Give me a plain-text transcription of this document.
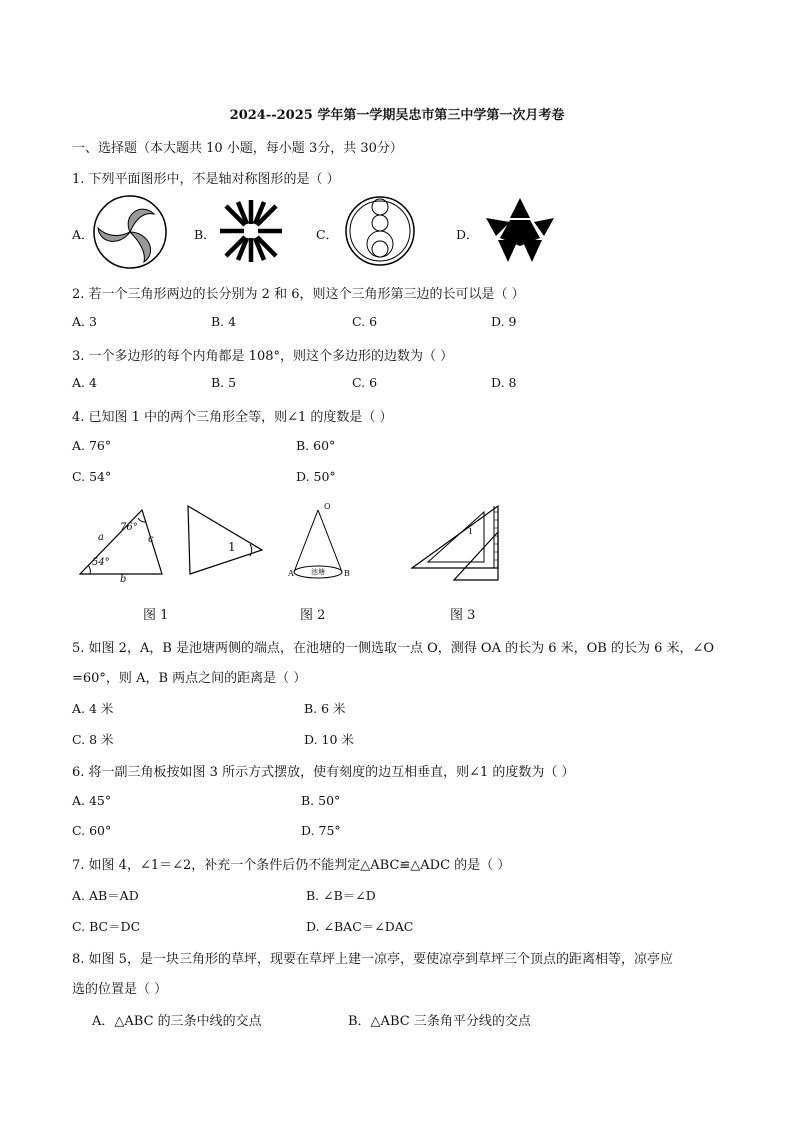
2024--2025 学年第一学期吴忠市第三中学第一次月考卷
一、选择题（本大题共 10 小题，每小题 3分，共 30分）
1. 下列平面图形中，不是轴对称图形的是（ ）
A．	B．	C．	D．
2. 若一个三角形两边的长分别为 2 和 6，则这个三角形第三边的长可以是（ ）
A. 3	B. 4	C. 6	D. 9
3. 一个多边形的每个内角都是 108°，则这个多边形的边数为（ ）
A. 4	B. 5	C. 6	D. 8
4. 已知图 1 中的两个三角形全等，则∠1 的度数是（ ）
A. 76°	B. 60°
C. 54°	D. 50°
76°
54°
a
b
c
1
O
A	B
池塘
1
图 1	图 2	图 3
5. 如图 2，A，B 是池塘两侧的端点，在池塘的一侧选取一点 O，测得 OA 的长为 6 米，OB 的长为 6 米，∠O
=60°，则 A，B 两点之间的距离是（ ）
A. 4 米	B. 6 米
C. 8 米	D. 10 米
6. 将一副三角板按如图 3 所示方式摆放，使有刻度的边互相垂直，则∠1 的度数为（ ）
A. 45°	B. 50°
C. 60°	D. 75°
7. 如图 4，∠1＝∠2，补充一个条件后仍不能判定△ABC≌△ADC 的是（ ）
A. AB＝AD	B. ∠B＝∠D
C. BC＝DC	D. ∠BAC＝∠DAC
8. 如图 5，是一块三角形的草坪，现要在草坪上建一凉亭，要使凉亭到草坪三个顶点的距离相等，凉亭应
选的位置是（ ）
A．△ABC 的三条中线的交点	B．△ABC 三条角平分线的交点
